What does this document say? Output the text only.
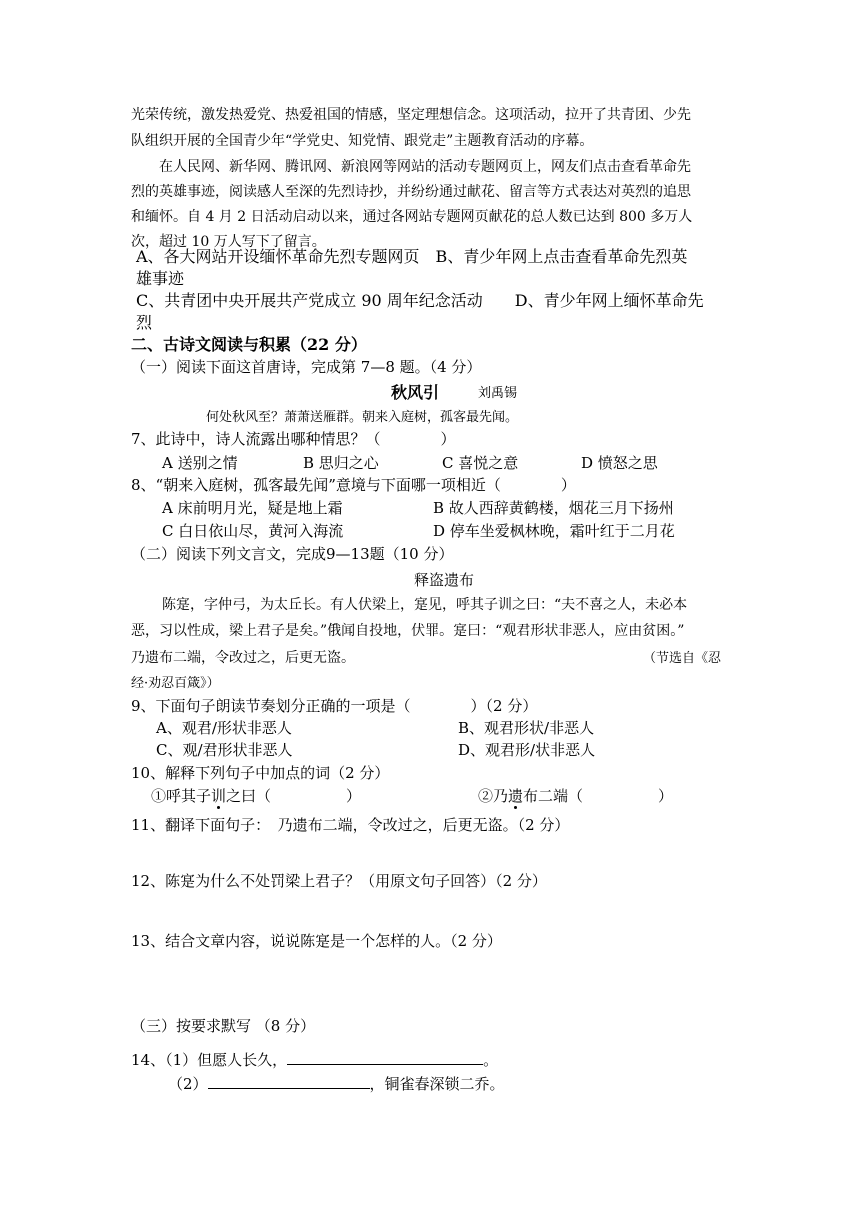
光荣传统，激发热爱党、热爱祖国的情感，坚定理想信念。这项活动，拉开了共青团、少先
队组织开展的全国青少年“学党史、知党情、跟党走”主题教育活动的序幕。
在人民网、新华网、腾讯网、新浪网等网站的活动专题网页上，网友们点击查看革命先
烈的英雄事迹，阅读感人至深的先烈诗抄，并纷纷通过献花、留言等方式表达对英烈的追思
和缅怀。自 4 月 2 日活动启动以来，通过各网站专题网页献花的总人数已达到 800 多万人
次，超过 10 万人写下了留言。
A、各大网站开设缅怀革命先烈专题网页　B、青少年网上点击查看革命先烈英
雄事迹
C、共青团中央开展共产党成立 90 周年纪念活动　　D、青少年网上缅怀革命先
烈
二、古诗文阅读与积累（22 分）
（一）阅读下面这首唐诗，完成第 7—8 题。（4 分）
秋风引	刘禹锡
何处秋风至？萧萧送雁群。朝来入庭树，孤客最先闻。
7、此诗中，诗人流露出哪种情思？（　　　　）
A 送别之情	B 思归之心	C 喜悦之意	D 愤怒之思
8、“朝来入庭树，孤客最先闻”意境与下面哪一项相近（　　　　）
A 床前明月光，疑是地上霜	B 故人西辞黄鹤楼，烟花三月下扬州
C 白日依山尽，黄河入海流	D 停车坐爱枫林晚，霜叶红于二月花
（二）阅读下列文言文，完成9—13题（10 分）
释盗遗布
陈寔，字仲弓，为太丘长。有人伏梁上，寔见，呼其子训之曰：“夫不喜之人，未必本
恶，习以性成，梁上君子是矣。”俄闻自投地，伏罪。寔曰：“观君形状非恶人，应由贫困。”
乃遗布二端，令改过之，后更无盗。	（节选自《忍
经·劝忍百箴》）
9、下面句子朗读节奏划分正确的一项是（　　　　）（2 分）
A、观君/形状非恶人	B、观君形状/非恶人
C、观/君形状非恶人	D、观君形/状非恶人
10、解释下列句子中加点的词（2 分）
①呼其子训之曰（　　　　　）	②乃遗布二端（　　　　　）
11、翻译下面句子：　乃遗布二端，令改过之，后更无盗。（2 分）
12、陈寔为什么不处罚梁上君子？（用原文句子回答）（2 分）
13、结合文章内容，说说陈寔是一个怎样的人。（2 分）
（三）按要求默写 （8 分）
14、（1）但愿人长久，	。
（2）	，铜雀春深锁二乔。
